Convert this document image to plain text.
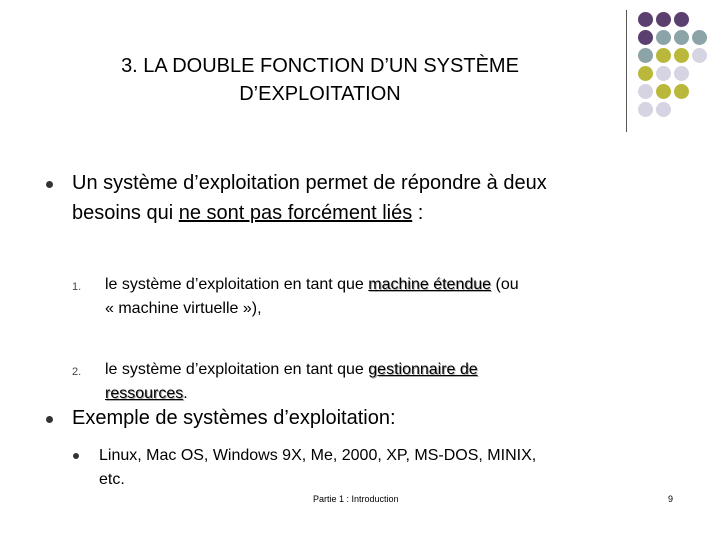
3. LA DOUBLE FONCTION D’UN SYSTÈME
D’EXPLOITATION
Un système d’exploitation permet de répondre à deux
besoins qui ne sont pas forcément liés :
1. le système d’exploitation en tant que machine étendue (ou
« machine virtuelle »),
2. le système d’exploitation en tant que gestionnaire de
ressources.
Exemple de systèmes d’exploitation:
Linux, Mac OS, Windows 9X, Me, 2000, XP, MS-DOS, MINIX,
etc.
Partie 1 : Introduction	9
